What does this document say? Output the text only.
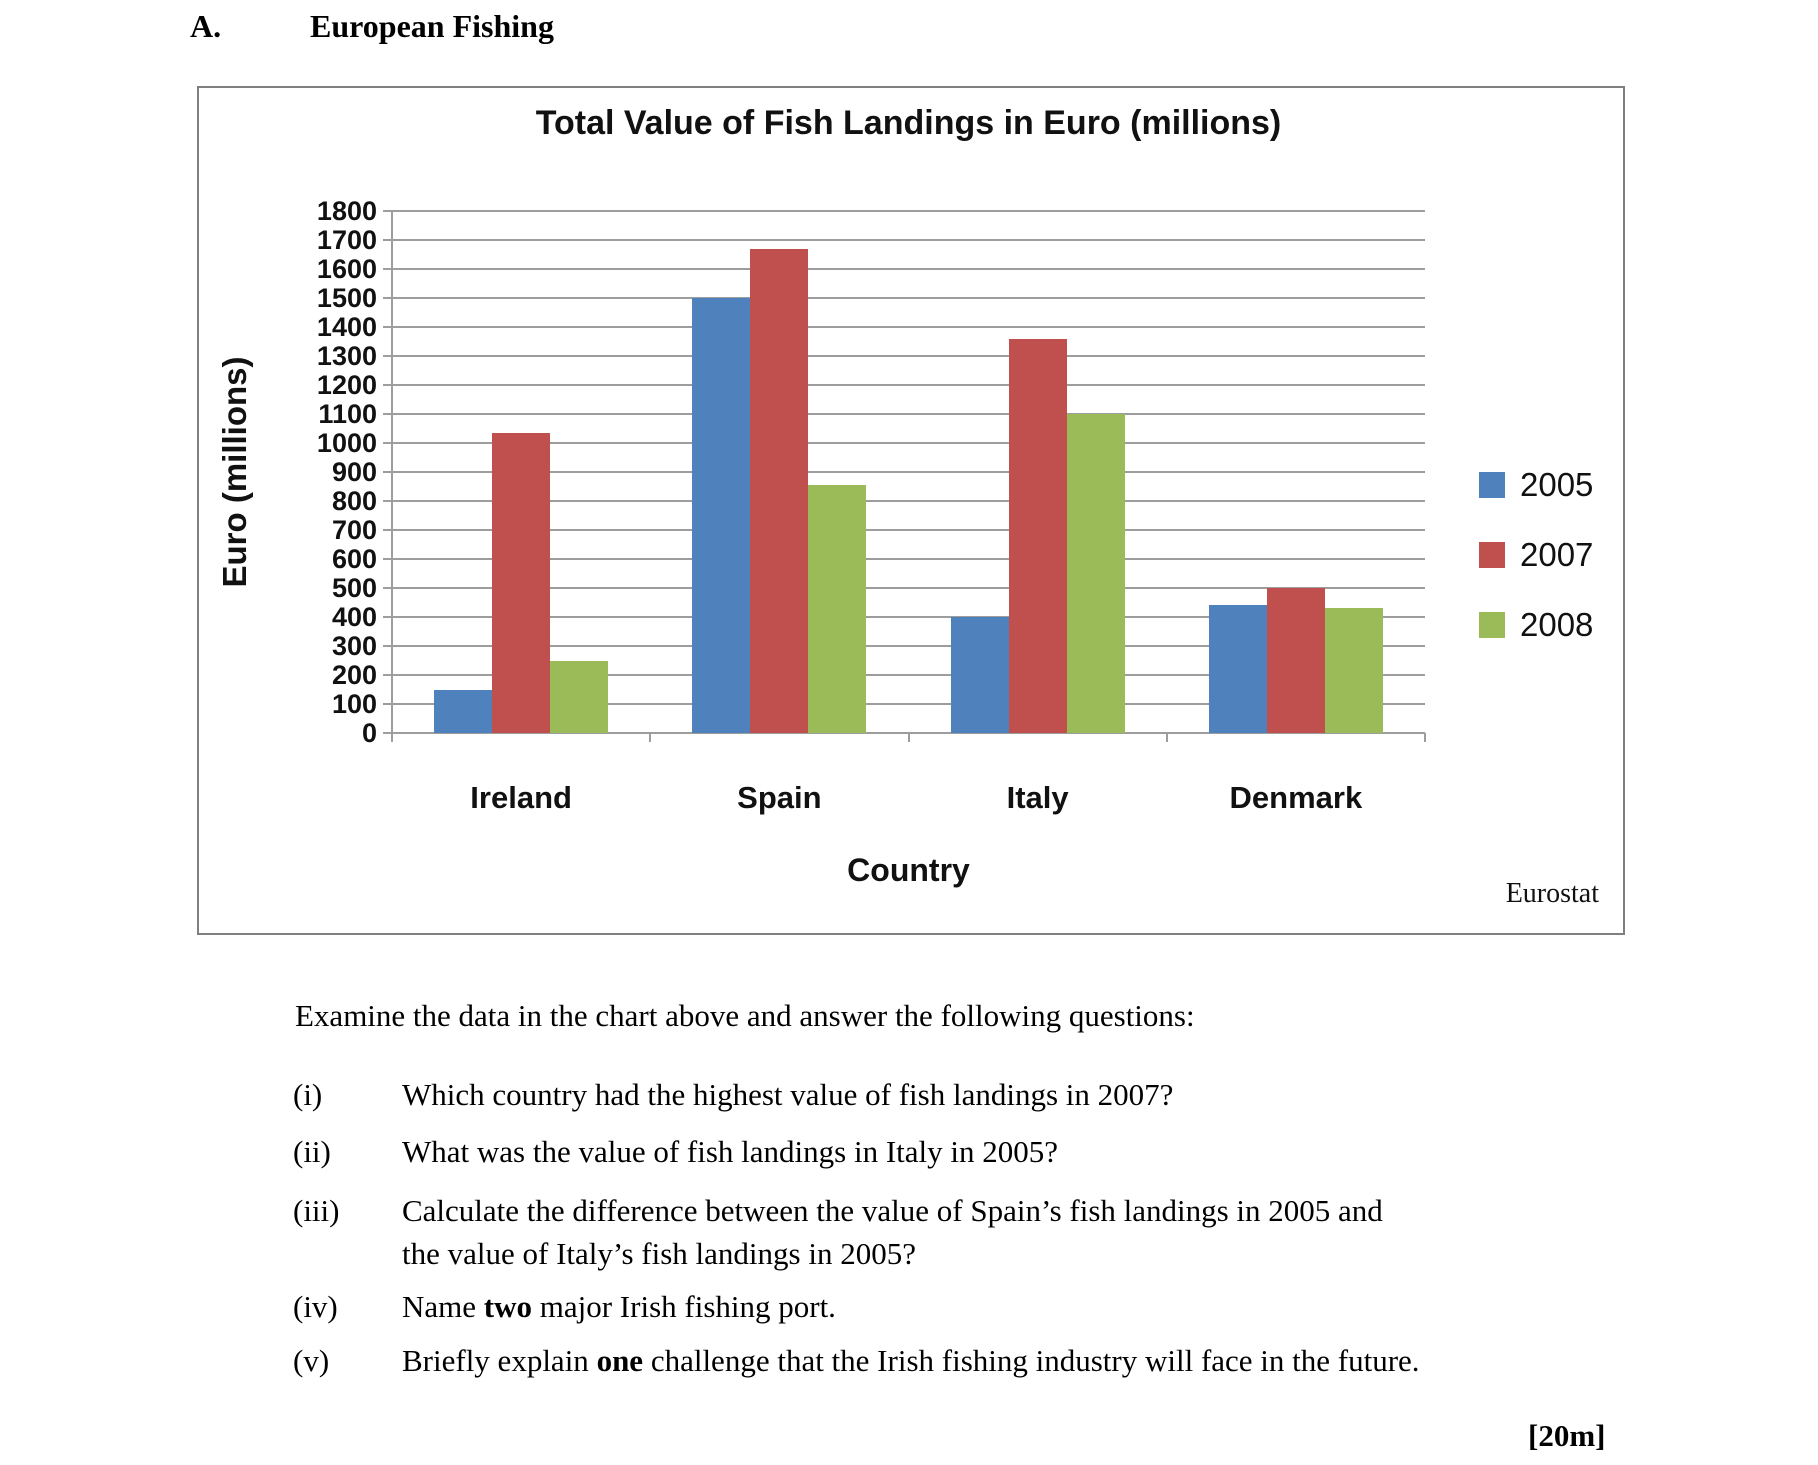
A.	European Fishing
Total Value of Fish Landings in Euro (millions)
0
100
200
300
400
500
600
700
800
900
1000
1100
1200
1300
1400
1500
1600
1700
1800
Ireland	Spain	Italy	Denmark
Euro (millions)
Country
2005
2007
2008
Eurostat
Examine the data in the chart above and answer the following questions:
(i)	Which country had the highest value of fish landings in 2007?
(ii) What was the value of fish landings in Italy in 2005?
(iii) Calculate the difference between the value of Spain’s fish landings in 2005 and
the value of Italy’s fish landings in 2005?
(iv) Name two major Irish fishing port.
(v) Briefly explain one challenge that the Irish fishing industry will face in the future.
[20m]
